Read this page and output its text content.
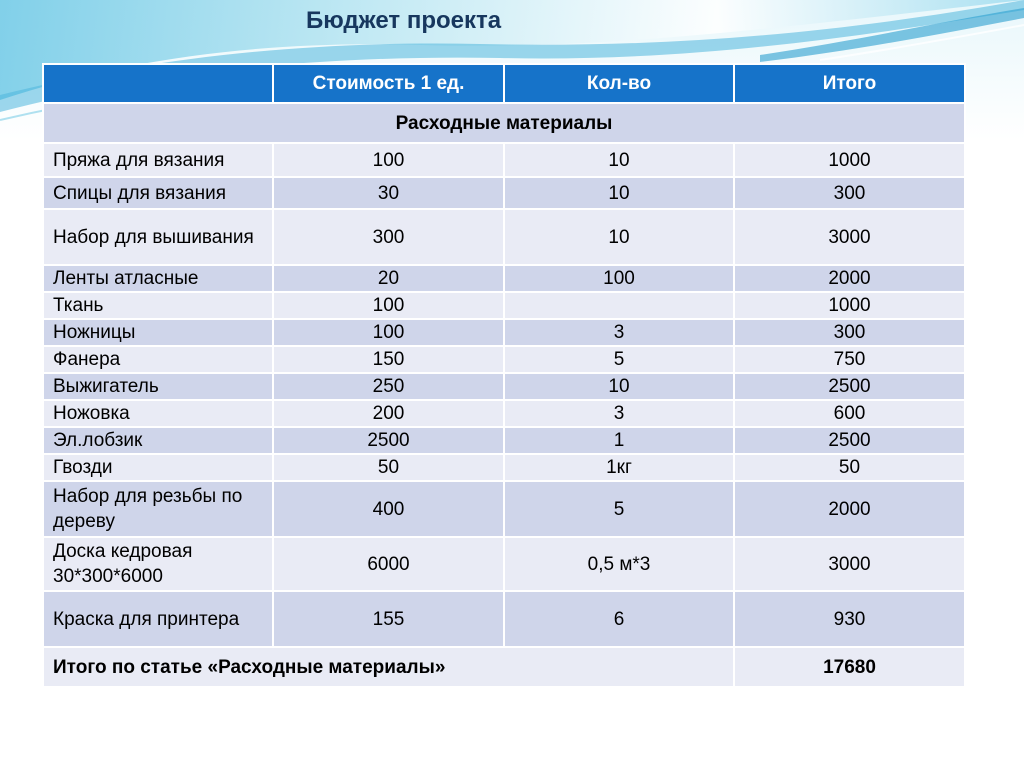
Бюджет проекта
	Стоимость 1 ед.	Кол-во	Итого
Расходные материалы			
Пряжа для вязания	100	10	1000
Спицы для вязания	30	10	300
Набор для вышивания	300	10	3000
Ленты атласные	20	100	2000
Ткань	100		1000
Ножницы	100	3	300
Фанера	150	5	750
Выжигатель	250	10	2500
Ножовка	200	3	600
Эл.лобзик	2500	1	2500
Гвозди	50	1кг	50
Набор для резьбы по дереву	400	5	2000
Доска кедровая 30*300*6000	6000	0,5 м*3	3000
Краска для принтера	155	6	930
Итого по статье «Расходные материалы»			17680
